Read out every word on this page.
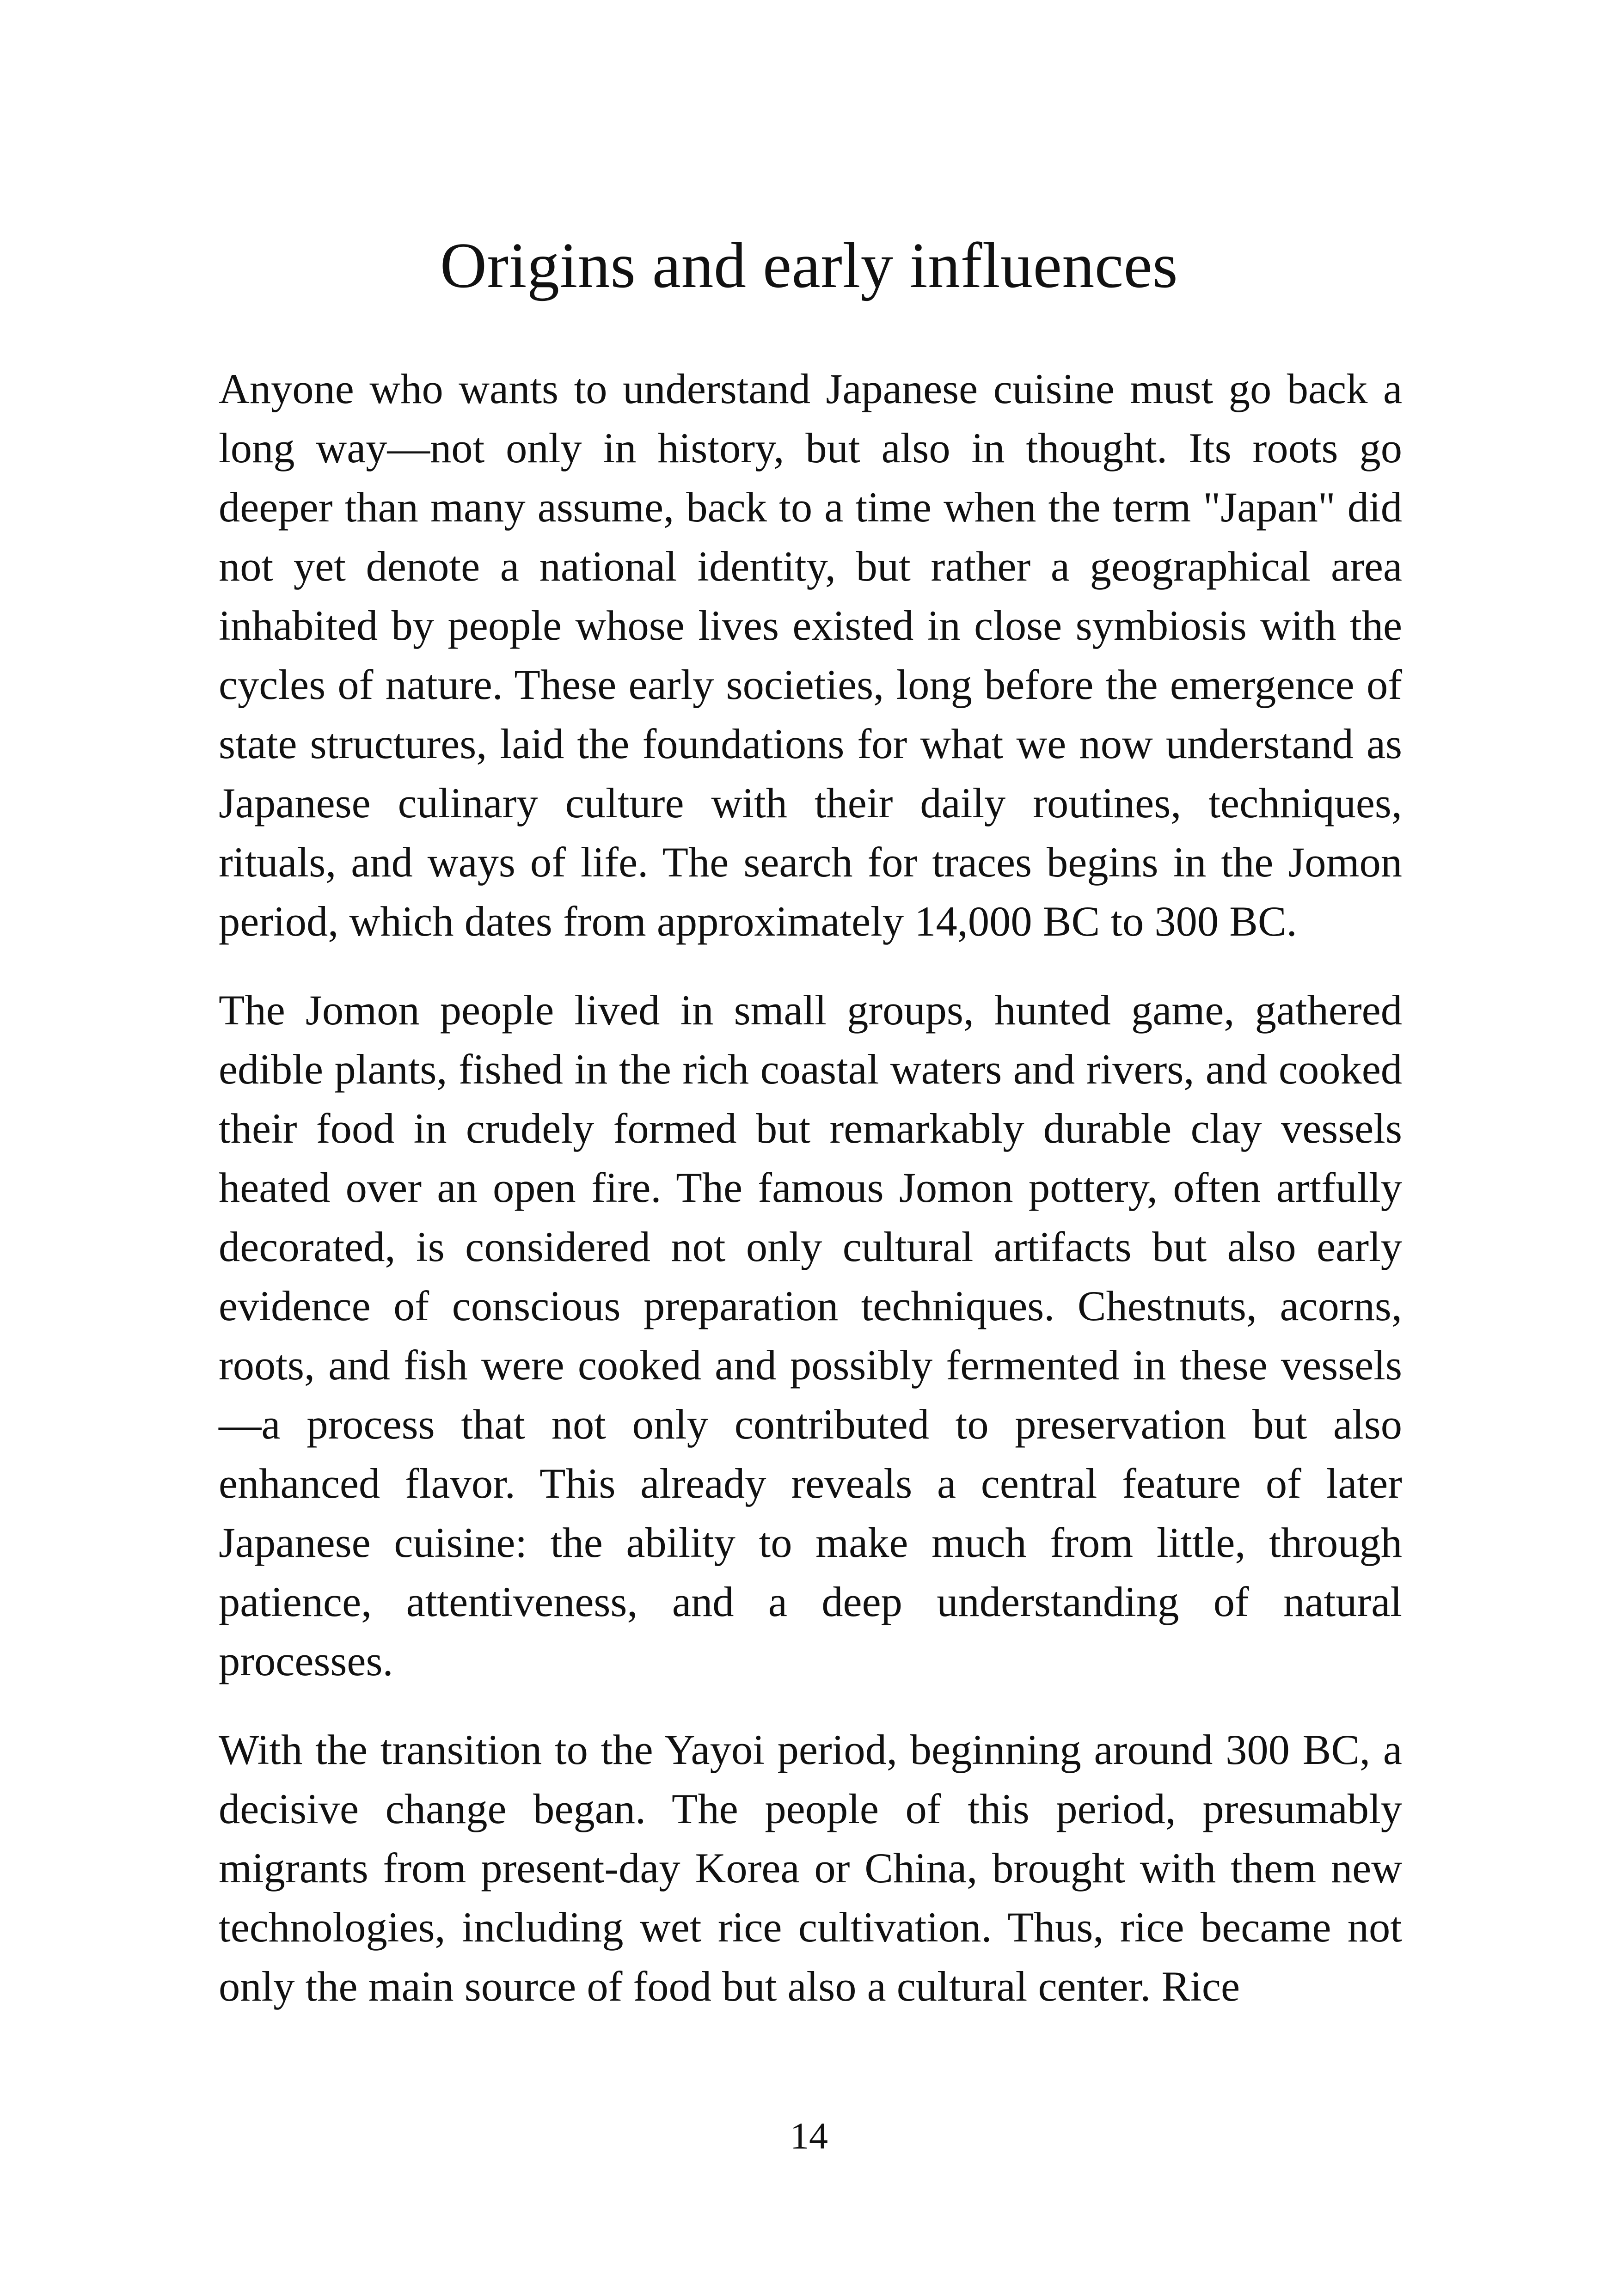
Origins and early influences

Anyone who wants to understand Japanese cuisine must go back a long way—not only in history, but also in thought. Its roots go deeper than many assume, back to a time when the term "Japan" did not yet denote a national identity, but rather a geographical area inhabited by people whose lives existed in close symbiosis with the cycles of nature. These early societies, long before the emergence of state structures, laid the foundations for what we now understand as Japanese culinary culture with their daily routines, techniques, rituals, and ways of life. The search for traces begins in the Jomon period, which dates from approximately 14,000 BC to 300 BC.

The Jomon people lived in small groups, hunted game, gathered edible plants, fished in the rich coastal waters and rivers, and cooked their food in crudely formed but remarkably durable clay vessels heated over an open fire. The famous Jomon pottery, often artfully decorated, is considered not only cultural artifacts but also early evidence of conscious preparation techniques. Chestnuts, acorns, roots, and fish were cooked and possibly fermented in these vessels—a process that not only contributed to preservation but also enhanced flavor. This already reveals a central feature of later Japanese cuisine: the ability to make much from little, through patience, attentiveness, and a deep understanding of natural processes.

With the transition to the Yayoi period, beginning around 300 BC, a decisive change began. The people of this period, presumably migrants from present-day Korea or China, brought with them new technologies, including wet rice cultivation. Thus, rice became not only the main source of food but also a cultural center. Rice

14
